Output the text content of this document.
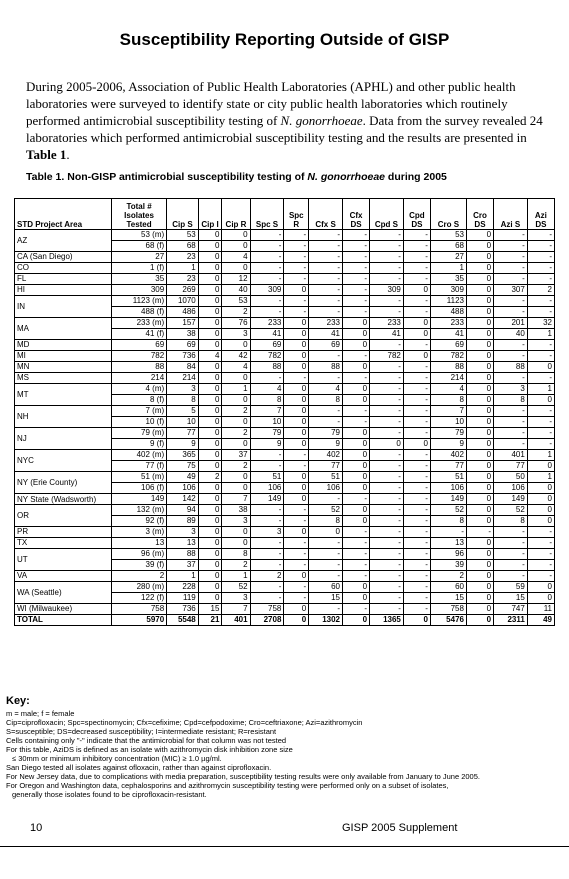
Susceptibility Reporting Outside of GISP
During 2005-2006, Association of Public Health Laboratories (APHL) and other public health laboratories were surveyed to identify state or city public health laboratories which routinely performed antimicrobial susceptibility testing of N. gonorrhoeae. Data from the survey revealed 24 laboratories which performed antimicrobial susceptibility testing and the results are presented in Table 1.
Table 1. Non-GISP antimicrobial susceptibility testing of N. gonorrhoeae during 2005
STD Project Area	Total # Isolates Tested	Cip S	Cip I	Cip R	Spc S	Spc R	Cfx S	Cfx DS	Cpd S	Cpd DS	Cro S	Cro DS	Azi S	Azi DS
AZ	53 (m)	53	0	0	-	-	-	-	-	-	53	0	-	-
	68 (f)	68	0	0	-	-	-	-	-	-	68	0	-	-
CA (San Diego)	27	23	0	4	-	-	-	-	-	-	27	0	-	-
CO	1 (f)	1	0	0	-	-	-	-	-	-	1	0	-	-
FL	35	23	0	12	-	-	-	-	-	-	35	0	-	-
HI	309	269	0	40	309	0	-	-	309	0	309	0	307	2
IN	1123 (m)	1070	0	53	-	-	-	-	-	-	1123	0	-	-
	488 (f)	486	0	2	-	-	-	-	-	-	488	0	-	-
MA	233 (m)	157	0	76	233	0	233	0	233	0	233	0	201	32
	41 (f)	38	0	3	41	0	41	0	41	0	41	0	40	1
MD	69	69	0	0	69	0	69	0	-	-	69	0	-	-
MI	782	736	4	42	782	0	-	-	782	0	782	0	-	-
MN	88	84	0	4	88	0	88	0	-	-	88	0	88	0
MS	214	214	0	0	-	-	-	-	-	-	214	0	-	-
MT	4 (m)	3	0	1	4	0	4	0	-	-	4	0	3	1
	8 (f)	8	0	0	8	0	8	0	-	-	8	0	8	0
NH	7 (m)	5	0	2	7	0	-	-	-	-	7	0	-	-
	10 (f)	10	0	0	10	0	-	-	-	-	10	0	-	-
NJ	79 (m)	77	0	2	79	0	79	0	-	-	79	0	-	-
	9 (f)	9	0	0	9	0	9	0	0	0	9	0	-	-
NYC	402 (m)	365	0	37	-	-	402	0	-	-	402	0	401	1
	77 (f)	75	0	2	-	-	77	0	-	-	77	0	77	0
NY (Erie County)	51 (m)	49	2	0	51	0	51	0	-	-	51	0	50	1
	106 (f)	106	0	0	106	0	106	0	-	-	106	0	106	0
NY State (Wadsworth)	149	142	0	7	149	0	-	-	-	-	149	0	149	0
OR	132 (m)	94	0	38	-	-	52	0	-	-	52	0	52	0
	92 (f)	89	0	3	-	-	8	0	-	-	8	0	8	0
PR	3 (m)	3	0	0	3	0	0	-	-	-	-	-	-	-
TX	13	13	0	0	-	-	-	-	-	-	13	0	-	-
UT	96 (m)	88	0	8	-	-	-	-	-	-	96	0	-	-
	39 (f)	37	0	2	-	-	-	-	-	-	39	0	-	-
VA	2	1	0	1	2	0	-	-	-	-	2	0	-	-
WA (Seattle)	280 (m)	228	0	52	-	-	60	0	-	-	60	0	59	0
	122 (f)	119	0	3	-	-	15	0	-	-	15	0	15	0
WI (Milwaukee)	758	736	15	7	758	0	-	-	-	-	758	0	747	11
TOTAL	5970	5548	21	401	2708	0	1302	0	1365	0	5476	0	2311	49
Key:
m = male; f = female
Cip=ciprofloxacin; Spc=spectinomycin; Cfx=cefixime; Cpd=cefpodoxime; Cro=ceftriaxone; Azi=azithromycin
S=susceptible; DS=decreased susceptibility; I=intermediate resistant; R=resistant
Cells containing only "-" indicate that the antimicrobial for that column was not tested
For this table, AziDS is defined as an isolate with azithromycin disk inhibition zone size
≤ 30mm or minimum inhibitory concentration (MIC) ≥ 1.0 µg/ml.
San Diego tested all isolates against ofloxacin, rather than against ciprofloxacin.
For New Jersey data, due to complications with media preparation, susceptibility testing results were only available from January to June 2005.
For Oregon and Washington data, cephalosporins and azithromycin susceptibility testing were performed only on a subset of isolates,
generally those isolates found to be ciprofloxacin-resistant.
10	GISP 2005 Supplement
